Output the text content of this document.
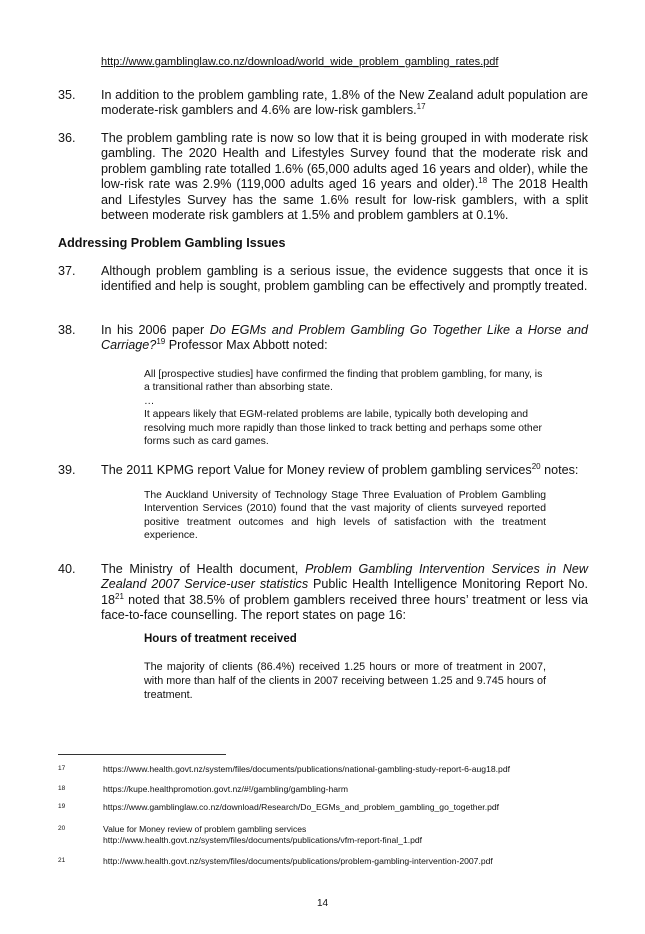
http://www.gamblinglaw.co.nz/download/world_wide_problem_gambling_rates.pdf
35. In addition to the problem gambling rate, 1.8% of the New Zealand adult population are moderate-risk gamblers and 4.6% are low-risk gamblers.$^{17}$
36. The problem gambling rate is now so low that it is being grouped in with moderate risk gambling. The 2020 Health and Lifestyles Survey found that the moderate risk and problem gambling rate totalled 1.6% (65,000 adults aged 16 years and older), while the low-risk rate was 2.9% (119,000 adults aged 16 years and older).$^{18}$ The 2018 Health and Lifestyles Survey has the same 1.6% result for low-risk gamblers, with a split between moderate risk gamblers at 1.5% and problem gamblers at 0.1%.
Addressing Problem Gambling Issues
37. Although problem gambling is a serious issue, the evidence suggests that once it is identified and help is sought, problem gambling can be effectively and promptly treated.
38. In his 2006 paper Do EGMs and Problem Gambling Go Together Like a Horse and Carriage?$^{19}$ Professor Max Abbott noted:

All [prospective studies] have confirmed the finding that problem gambling, for many, is a transitional rather than absorbing state.

…

It appears likely that EGM-related problems are labile, typically both developing and resolving much more rapidly than those linked to track betting and perhaps some other forms such as card games.

39. The 2011 KPMG report Value for Money review of problem gambling services$^{20}$ notes:

The Auckland University of Technology Stage Three Evaluation of Problem Gambling Intervention Services (2010) found that the vast majority of clients surveyed reported positive treatment outcomes and high levels of satisfaction with the treatment experience.

40. The Ministry of Health document, Problem Gambling Intervention Services in New Zealand 2007 Service-user statistics Public Health Intelligence Monitoring Report No. $18^{21}$ noted that 38.5% of problem gamblers received three hours’ treatment or less via face-to-face counselling. The report states on page 16:
Hours of treatment received

The majority of clients (86.4%) received 1.25 hours or more of treatment in 2007, with more than half of the clients in 2007 receiving between 1.25 and 9.745 hours of treatment.

17	https://www.health.govt.nz/system/files/documents/publications/national-gambling-study-report-6-aug18.pdf
18	https://kupe.healthpromotion.govt.nz/#!/gambling/gambling-harm
19	https://www.gamblinglaw.co.nz/download/Research/Do_EGMs_and_problem_gambling_go_together.pdf
20	Value for Money review of problem gambling services
http://www.health.govt.nz/system/files/documents/publications/vfm-report-final_1.pdf
21	http://www.health.govt.nz/system/files/documents/publications/problem-gambling-intervention-2007.pdf
14
